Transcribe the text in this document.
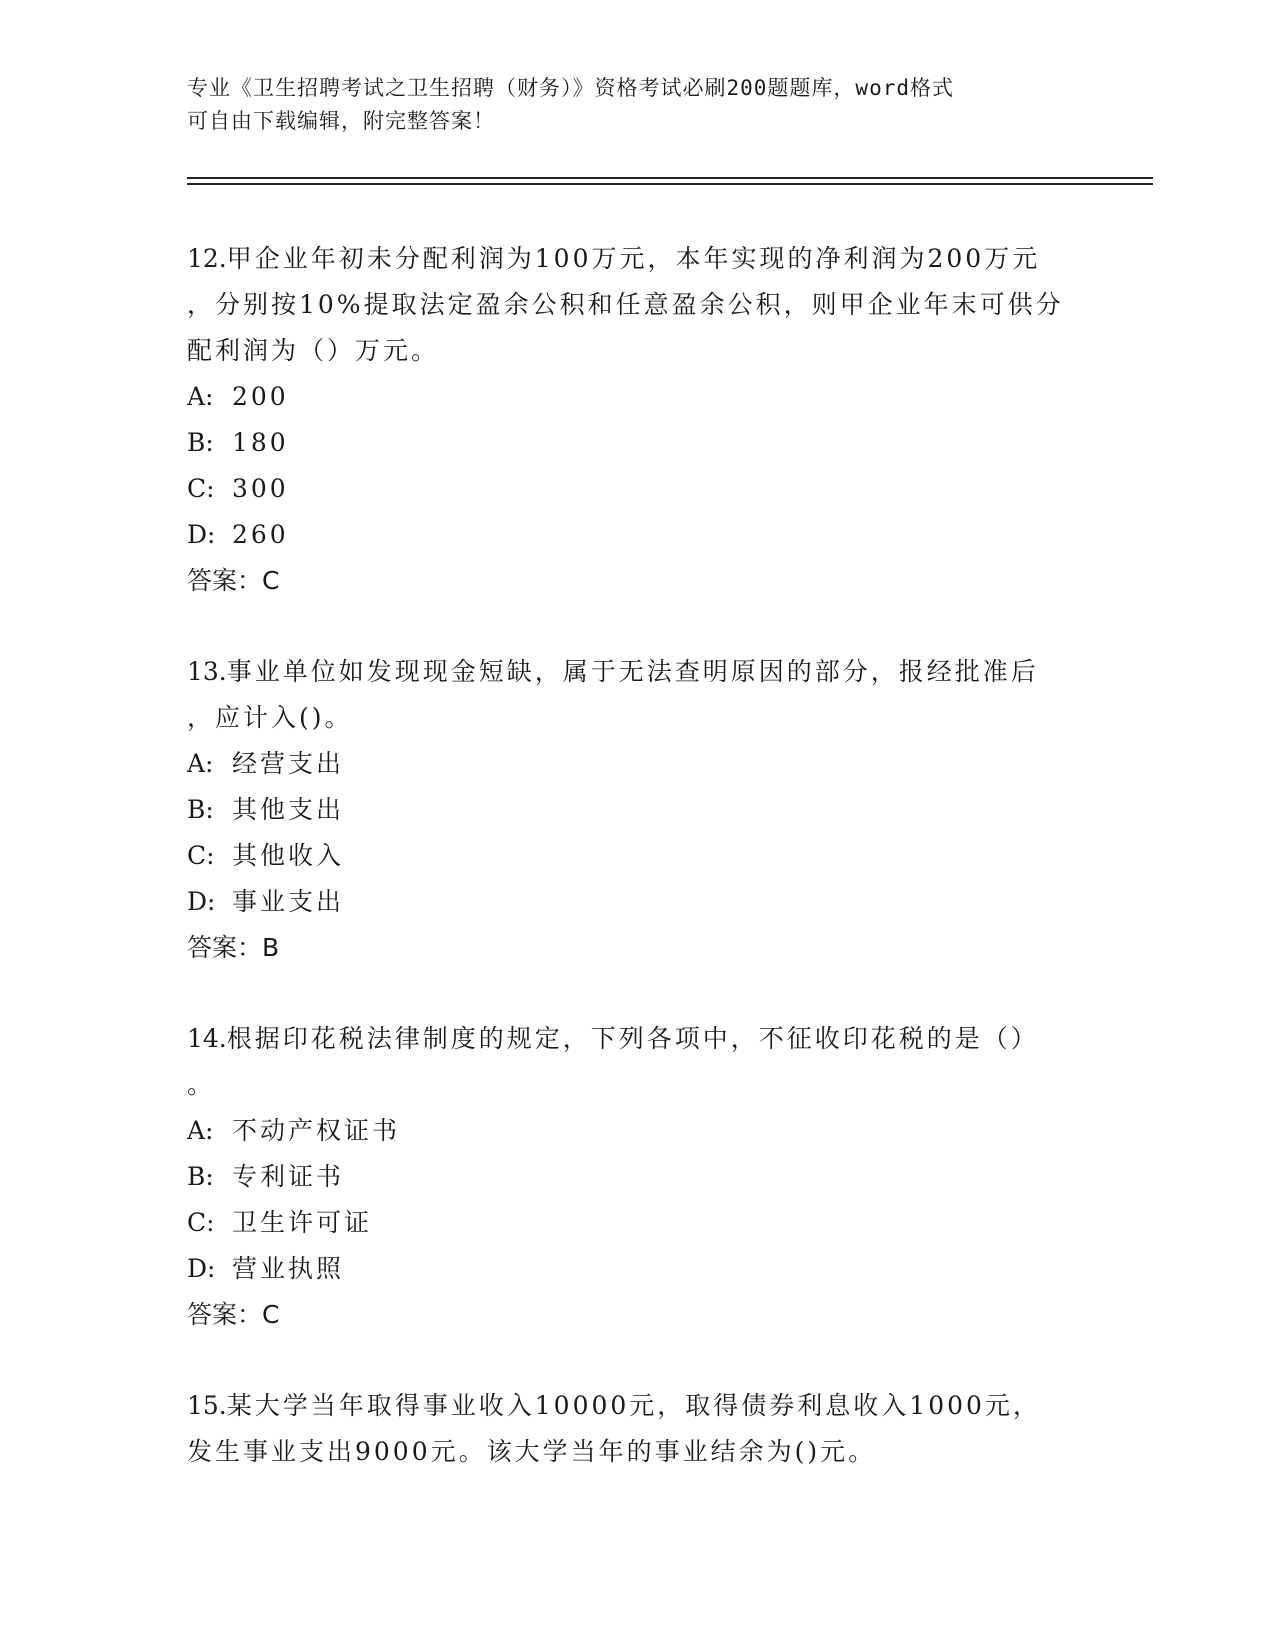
专业《卫生招聘考试之卫生招聘（财务）》资格考试必刷200题题库，word格式
可自由下载编辑，附完整答案！

12.甲企业年初未分配利润为100万元，本年实现的净利润为200万元

，分别按10%提取法定盈余公积和任意盈余公积，则甲企业年末可供分

配利润为（）万元。

A: 200

B: 180

C: 300

D: 260

答案：C

13.事业单位如发现现金短缺，属于无法查明原因的部分，报经批准后

，应计入()。

A: 经营支出

B: 其他支出

C: 其他收入

D: 事业支出

答案：B

14.根据印花税法律制度的规定，下列各项中，不征收印花税的是（）

。

A: 不动产权证书

B: 专利证书

C: 卫生许可证

D: 营业执照

答案：C

15.某大学当年取得事业收入10000元，取得债券利息收入1000元，

发生事业支出9000元。该大学当年的事业结余为()元。
